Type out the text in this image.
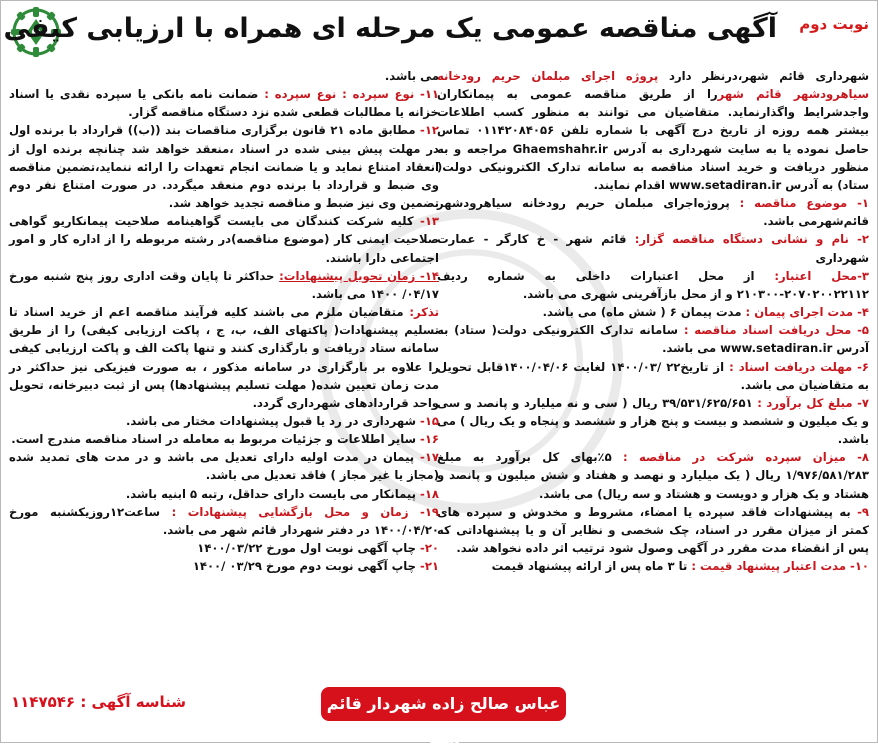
آگهی مناقصه عمومی یک مرحله ای همراه با ارزیابی کیفی نوبت دوم

شهرداری قائم شهر،درنظر دارد پروژه اجرای مبلمان حریم رودخانه سیاهرودشهر قائم شهررا از طریق مناقصه عمومی به پیمانکاران واجدشرایط واگذارنماید. متقاضیان می توانند به منظور کسب اطلاعات بیشتر همه روزه از تاریخ درج آگهی با شماره تلفن ۰۱۱۴۲۰۸۴۰۵۶ تماس حاصل نموده یا به سایت شهرداری به آدرس Ghaemshahr.ir مراجعه و به منظور دریافت و خرید اسناد مناقصه به سامانه تدارک الکترونیکی دولت( ستاد) به آدرس www.setadiran.ir اقدام نمایند.

۱- موضوع مناقصه : پروژه‌اجرای مبلمان حریم رودخانه سیاهرودشهر قائم‌شهرمی باشد.

۲- نام و نشانی دستگاه مناقصه گزار: قائم شهر - خ کارگر - عمارت شهرداری

۳-محل اعتبار: از محل اعتبارات داخلی به شماره ردیف ۲۰۷۰۲۰۰۲۲۱۱۲-۲۱۰۳۰۰ و از محل بازآفرینی شهری می باشد.

۴- مدت اجرای پیمان : مدت پیمان ۶ ( شش ماه) می باشد.

۵- محل دریافت اسناد مناقصه : سامانه تدارک الکترونیکی دولت( ستاد) به آدرس www.setadiran.ir می باشد.

۶- مهلت دریافت اسناد : از تاریخ۲۲ /۱۴۰۰/۰۳ لغایت ۱۴۰۰/۰۴/۰۶قابل تحویل به متقاضیان می باشد.

۷- مبلغ کل برآورد : ۳۹/۵۳۱/۶۲۵/۶۵۱ ریال ( سی و نه میلیارد و پانصد و سی و یک میلیون و ششصد و بیست و پنج هزار و ششصد و پنجاه و یک ریال ) می باشد.

۸- میزان سپرده شرکت در مناقصه : ۵٪بهای کل برآورد به مبلغ ۱/۹۷۶/۵۸۱/۲۸۳ ریال ( یک میلیارد و نهصد و هفتاد و شش میلیون و پانصد و هشتاد و یک هزار و دویست و هشتاد و سه ریال) می باشد.

۹- به پیشنهادات فاقد سپرده یا امضاء، مشروط و مخدوش و سپرده های کمتر از میزان مقرر در اسناد، چک شخصی و نظایر آن و یا پیشنهاداتی که پس از انقضاء مدت مقرر در آگهی وصول شود ترتیب اثر داده نخواهد شد.

۱۰- مدت اعتبار پیشنهاد قیمت : تا ۳ ماه پس از ارائه پیشنهاد قیمت

می باشد.

۱۱- نوع سپرده : نوع سپرده : ضمانت نامه بانکی یا سپرده نقدی یا اسناد خزانه یا مطالبات قطعی شده نزد دستگاه مناقصه گزار.

۱۲- مطابق ماده ۲۱ قانون برگزاری مناقصات بند ((ب)) قرارداد با برنده اول در مهلت پیش بینی شده در اسناد ،منعقد خواهد شد چنانچه برنده اول از انعقاد امتناع نماید و یا ضمانت انجام تعهدات را ارائه ننماید،تضمین مناقصه وی ضبط و قرارداد با برنده دوم منعقد میگردد. در صورت امتناع نفر دوم تضمین وی نیز ضبط و مناقصه تجدید خواهد شد.

۱۳- کلیه شرکت کنندگان می بایست گواهینامه صلاحیت پیمانکاریو گواهی صلاحیت ایمنی کار (موضوع مناقصه)در رشته مربوطه را از اداره کار و امور اجتماعی دارا باشند.

۱۴- زمان تحویل پیشنهادات: حداکثر تا پایان وقت اداری روز پنج شنبه مورخ ۰۴/۱۷/ ۱۴۰۰ می باشد.

تذکر: متقاضیان ملزم می باشند کلیه فرآیند مناقصه اعم از خرید اسناد تا تسلیم پیشنهادات( پاکتهای الف، ب، ج ، پاکت ارزیابی کیفی) را از طریق سامانه ستاد دریافت و بارگذاری کنند و تنها پاکت الف و پاکت ارزیابی کیفی را علاوه بر بارگزاری در سامانه مذکور ، به صورت فیزیکی نیز حداکثر در مدت زمان تعیین شده( مهلت تسلیم پیشنهادها) پس از ثبت دبیرخانه، تحویل واحد قراردادهای شهرداری گردد.

۱۵- شهرداری در رد یا قبول پیشنهادات مختار می باشد.

۱۶- سایر اطلاعات و جزئیات مربوط به معامله در اسناد مناقصه مندرج است.

۱۷- پیمان در مدت اولیه دارای تعدیل می باشد و در مدت های تمدید شده (مجاز یا غیر مجاز ) فاقد تعدیل می باشد.

۱۸- پیمانکار می بایست دارای حداقل، رتبه ۵ ابنیه باشد.

۱۹- زمان و محل بازگشایی پیشنهادات : ساعت۱۲روزیکشنبه مورخ ۱۴۰۰/۰۴/۲۰ در دفتر شهردار قائم شهر می باشد.

۲۰- چاپ آگهی نوبت اول مورخ ۱۴۰۰/۰۳/۲۲

۲۱- چاپ آگهی نوبت دوم مورخ ۰۳/۲۹ /۱۴۰۰

عباس صالح زاده شهردار قائم شهر
شناسه آگهی : ۱۱۴۷۵۴۶
